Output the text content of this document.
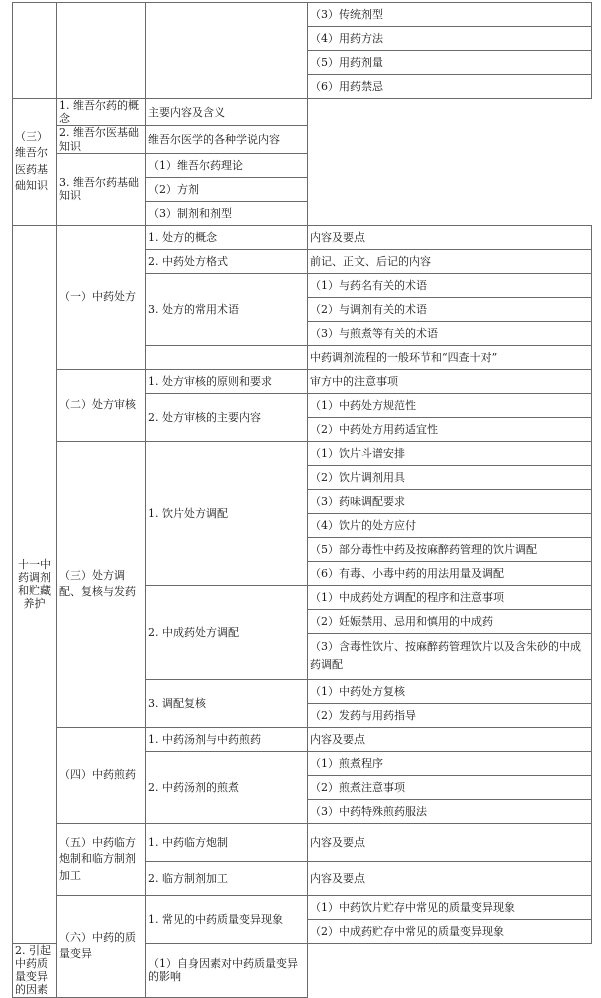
			（3）传统剂型
			（4）用药方法
			（5）用药剂量
			（6）用药禁忌
（三）维吾尔医药基础知识	1. 维吾尔药的概念	主要内容及含义	
	2. 维吾尔医基础知识	维吾尔医学的各种学说内容	
	3. 维吾尔药基础知识	（1）维吾尔药理论	
		（2）方剂	
		（3）制剂和剂型	
十一中药调剂和贮藏养护	（一）中药处方	1. 处方的概念	内容及要点
		2. 中药处方格式	前记、正文、后记的内容
		3. 处方的常用术语	（1）与药名有关的术语
			（2）与调剂有关的术语
			（3）与煎煮等有关的术语
			中药调剂流程的一般环节和“四查十对”
	（二）处方审核	1. 处方审核的原则和要求	审方中的注意事项
		2. 处方审核的主要内容	（1）中药处方规范性
			（2）中药处方用药适宜性
	（三）处方调配、复核与发药	1. 饮片处方调配	（1）饮片斗谱安排
			（2）饮片调剂用具
			（3）药味调配要求
			（4）饮片的处方应付
			（5）部分毒性中药及按麻醉药管理的饮片调配
			（6）有毒、小毒中药的用法用量及调配
		2. 中成药处方调配	（1）中成药处方调配的程序和注意事项
			（2）妊娠禁用、忌用和慎用的中成药
			（3）含毒性饮片、按麻醉药管理饮片以及含朱砂的中成药调配
		3. 调配复核	（1）中药处方复核
			（2）发药与用药指导
	（四）中药煎药	1. 中药汤剂与中药煎药	内容及要点
		2. 中药汤剂的煎煮	（1）煎煮程序
			（2）煎煮注意事项
			（3）中药特殊煎药服法
	（五）中药临方炮制和临方制剂加工	1. 中药临方炮制	内容及要点
		2. 临方制剂加工	内容及要点
	（六）中药的质量变异	1. 常见的中药质量变异现象	（1）中药饮片贮存中常见的质量变异现象
			（2）中成药贮存中常见的质量变异现象
2. 引起中药质量变异的因素		（1）自身因素对中药质量变异的影响	
